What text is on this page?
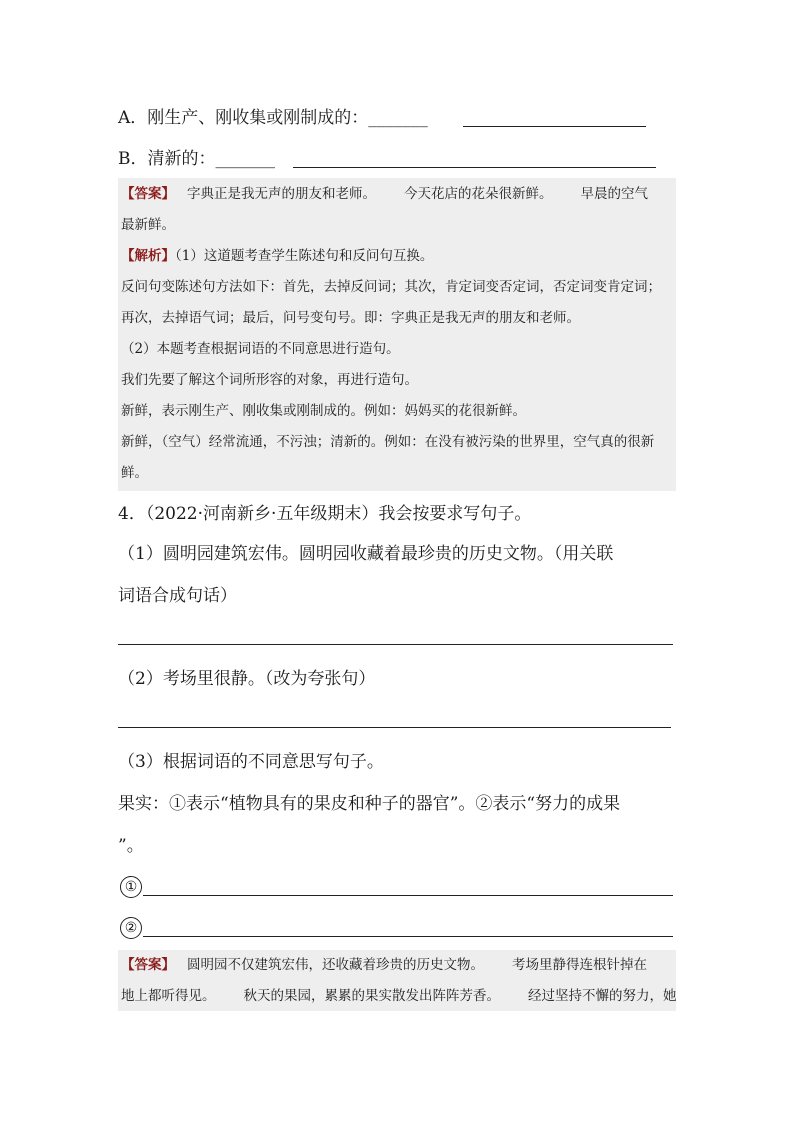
A．刚生产、刚收集或刚制成的：_______
B．清新的：_______
【答案】 字典正是我无声的朋友和老师。 今天花店的花朵很新鲜。 早晨的空气
最新鲜。
【解析】（1）这道题考查学生陈述句和反问句互换。
反问句变陈述句方法如下：首先，去掉反问词；其次，肯定词变否定词，否定词变肯定词；
再次，去掉语气词；最后，问号变句号。即：字典正是我无声的朋友和老师。
（2）本题考查根据词语的不同意思进行造句。
我们先要了解这个词所形容的对象，再进行造句。
新鲜，表示刚生产、刚收集或刚制成的。例如：妈妈买的花很新鲜。
新鲜，（空气）经常流通，不污浊；清新的。例如：在没有被污染的世界里，空气真的很新
鲜。
4．（2022·河南新乡·五年级期末）我会按要求写句子。
（1）圆明园建筑宏伟。圆明园收藏着最珍贵的历史文物。（用关联
词语合成句话）
（2）考场里很静。（改为夸张句）
（3）根据词语的不同意思写句子。
果实：①表示“植物具有的果皮和种子的器官”。②表示“努力的成果
”。
①
②
【答案】 圆明园不仅建筑宏伟，还收藏着珍贵的历史文物。 考场里静得连根针掉在
地上都听得见。 秋天的果园，累累的果实散发出阵阵芳香。 经过坚持不懈的努力，她
